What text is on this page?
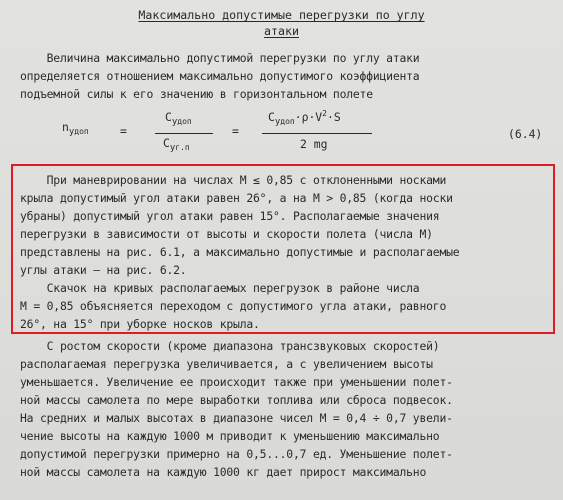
Максимально допустимые перегрузки по углу
атаки
Величина максимально допустимой перегрузки по углу атаки
определяется отношением максимально допустимого коэффициента
подъемной силы к его значению в горизонтальном полете
$n_{yдоп}$	=
$C_{yдоп}$
$C_{yг.п}$
=
$C_{yдоп}\cdot\rho\cdot V^2\cdot S$
2 mg
(6.4)
При маневрировании на числах M ≤ 0,85 с отклоненными носками
крыла допустимый угол атаки равен 26°, а на M > 0,85 (когда носки
убраны) допустимый угол атаки равен 15°. Располагаемые значения
перегрузки в зависимости от высоты и скорости полета (числа M)
представлены на рис. 6.1, а максимально допустимые и располагаемые
углы атаки – на рис. 6.2.
Скачок на кривых располагаемых перегрузок в районе числа
M = 0,85 объясняется переходом с допустимого угла атаки, равного
26°, на 15° при уборке носков крыла.
С ростом скорости (кроме диапазона трансзвуковых скоростей)
располагаемая перегрузка увеличивается, а с увеличением высоты
уменьшается. Увеличение ее происходит также при уменьшении полет-
ной массы самолета по мере выработки топлива или сброса подвесок.
На средних и малых высотах в диапазоне чисел M = 0,4 ÷ 0,7 увели-
чение высоты на каждую 1000 м приводит к уменьшению максимально
допустимой перегрузки примерно на 0,5...0,7 ед. Уменьшение полет-
ной массы самолета на каждую 1000 кг дает прирост максимально
